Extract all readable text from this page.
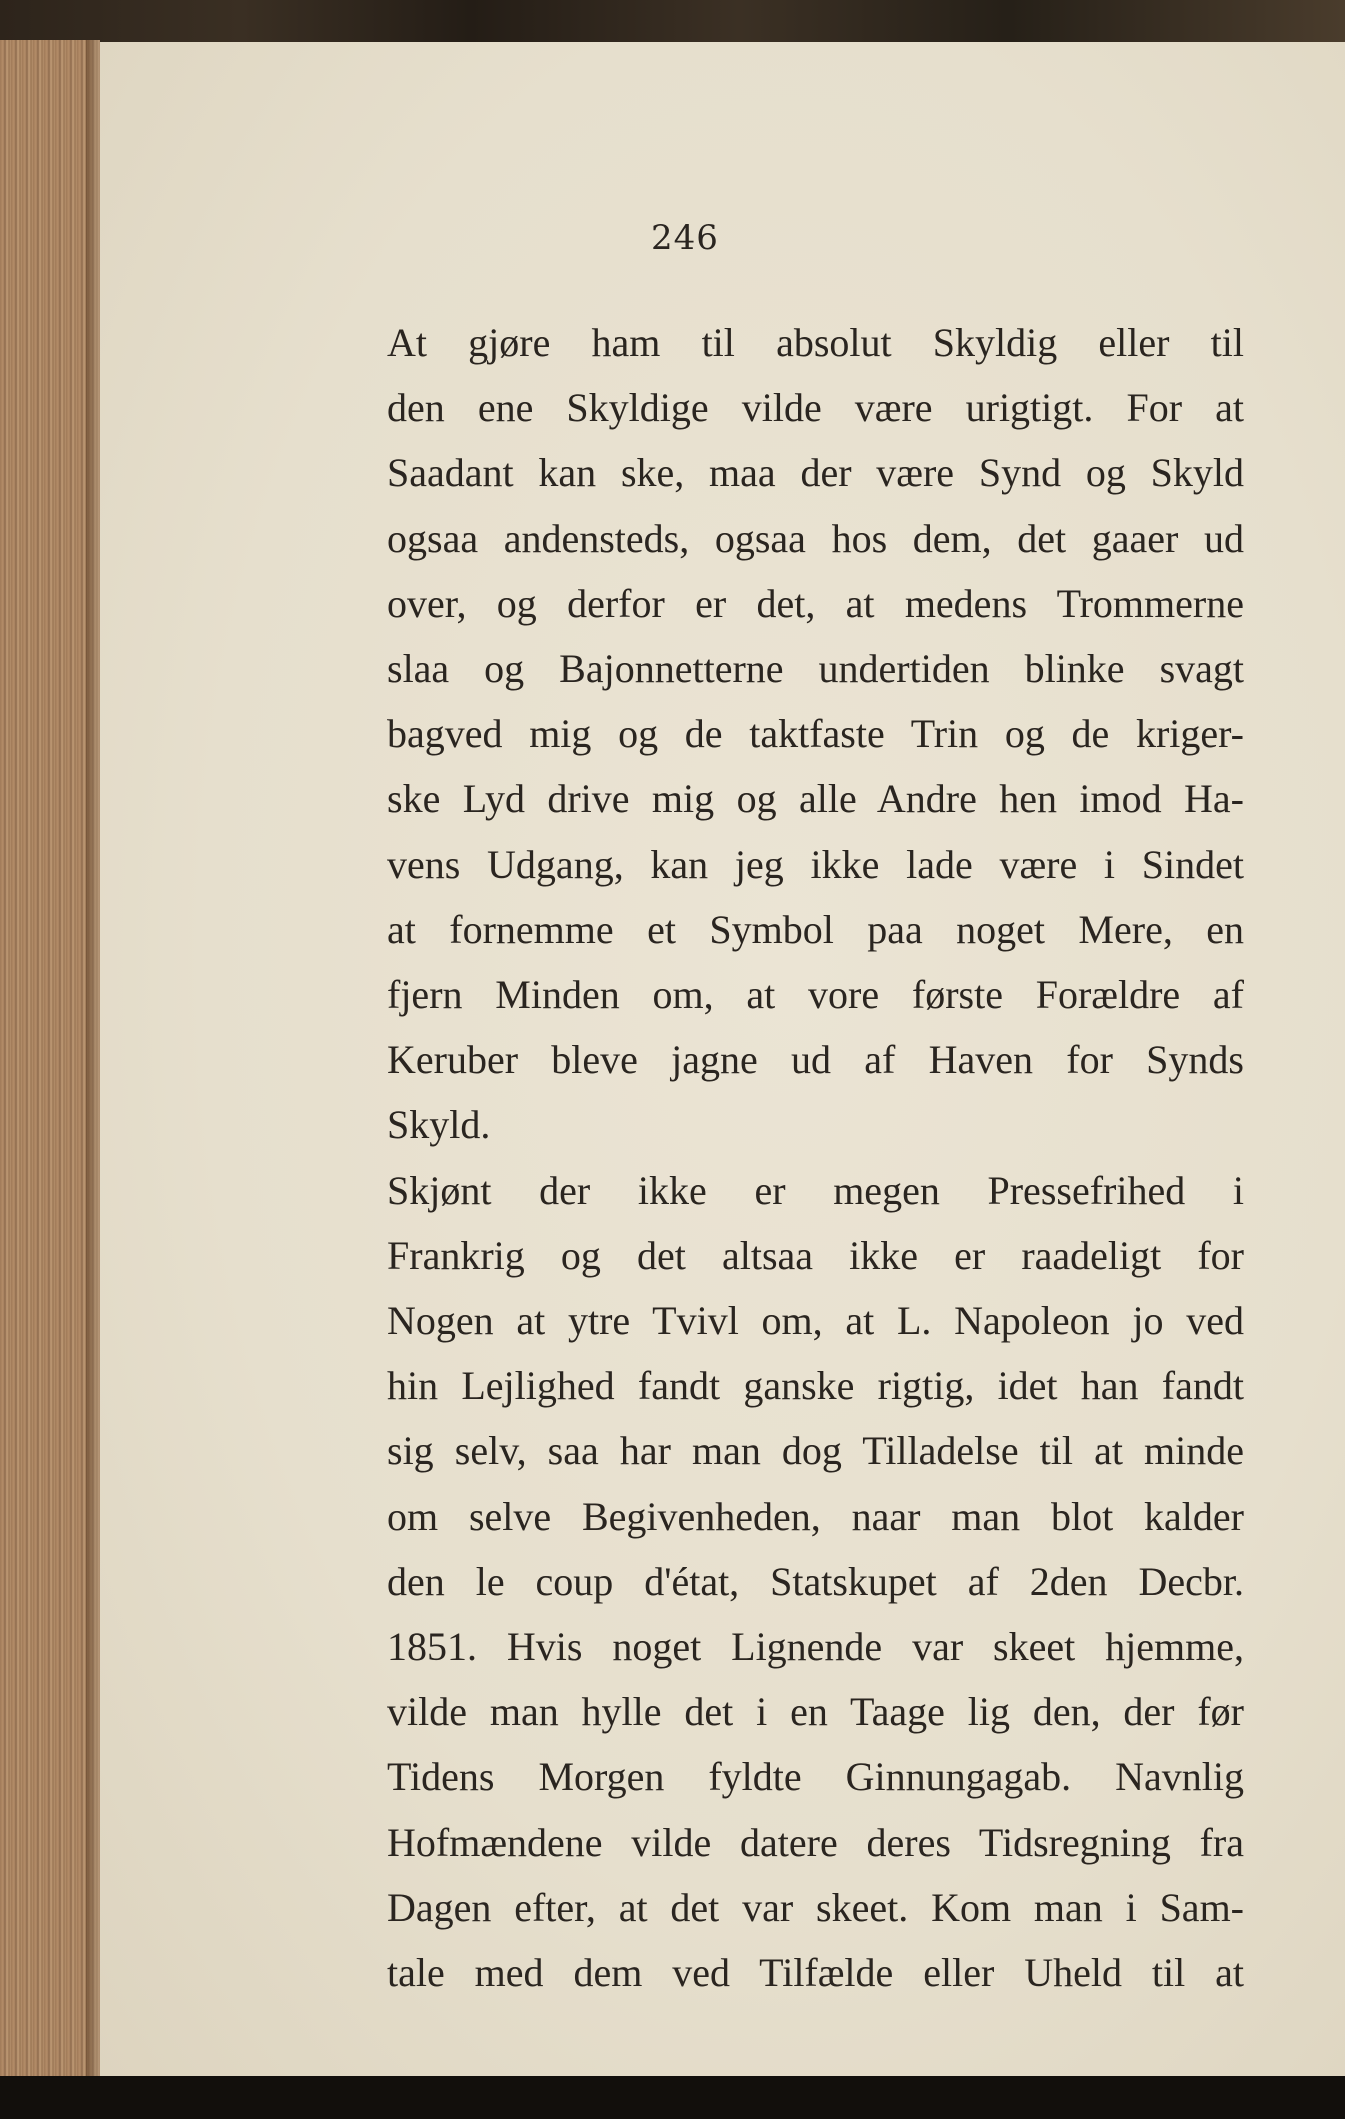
246
At gjøre ham til absolut Skyldig eller til
den ene Skyldige vilde være urigtigt. For at
Saadant kan ske, maa der være Synd og Skyld
ogsaa andensteds, ogsaa hos dem, det gaaer ud
over, og derfor er det, at medens Trommerne
slaa og Bajonnetterne undertiden blinke svagt
bagved mig og de taktfaste Trin og de kriger-
ske Lyd drive mig og alle Andre hen imod Ha-
vens Udgang, kan jeg ikke lade være i Sindet
at fornemme et Symbol paa noget Mere, en
fjern Minden om, at vore første Forældre af
Keruber bleve jagne ud af Haven for Synds
Skyld.
Skjønt der ikke er megen Pressefrihed i
Frankrig og det altsaa ikke er raadeligt for
Nogen at ytre Tvivl om, at L. Napoleon jo ved
hin Lejlighed fandt ganske rigtig, idet han fandt
sig selv, saa har man dog Tilladelse til at minde
om selve Begivenheden, naar man blot kalder
den le coup d'état, Statskupet af 2den Decbr.
1851. Hvis noget Lignende var skeet hjemme,
vilde man hylle det i en Taage lig den, der før
Tidens Morgen fyldte Ginnungagab. Navnlig
Hofmændene vilde datere deres Tidsregning fra
Dagen efter, at det var skeet. Kom man i Sam-
tale med dem ved Tilfælde eller Uheld til at
